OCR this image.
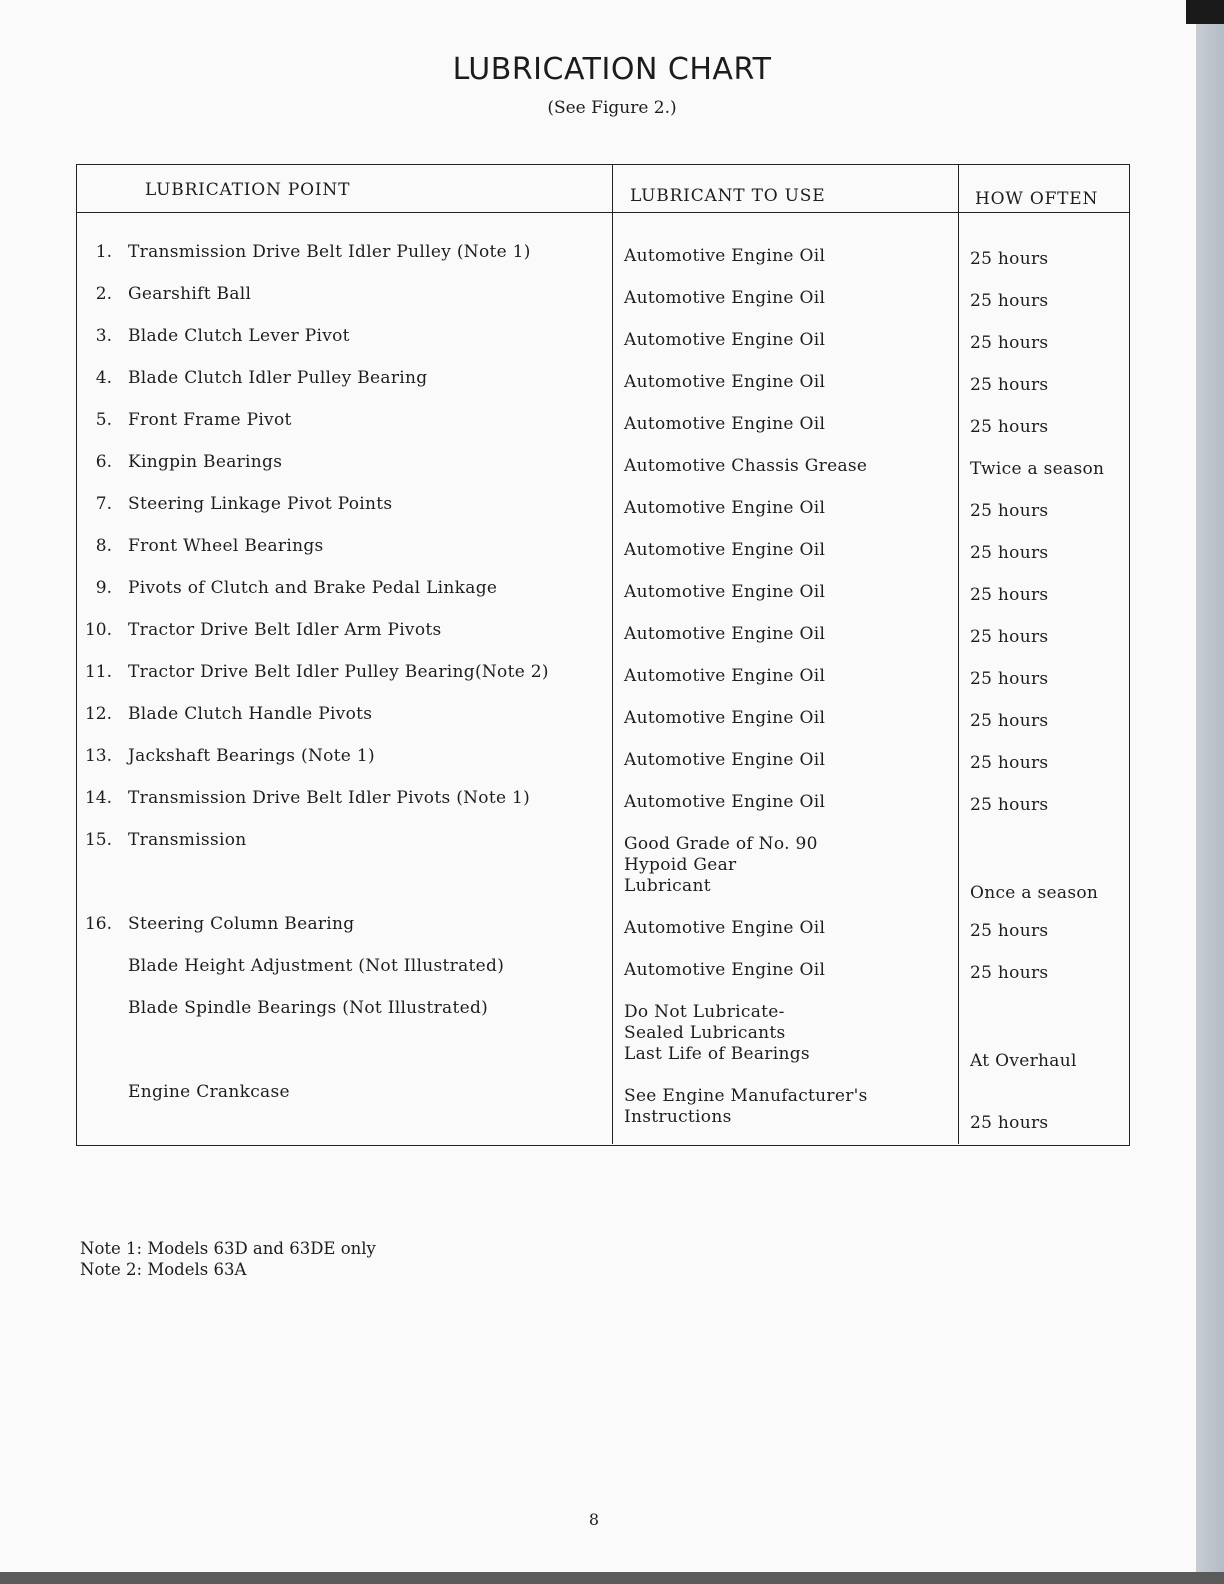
LUBRICATION CHART
(See Figure 2.)
LUBRICATION POINT	LUBRICANT TO USE	HOW OFTEN
1. Transmission Drive Belt Idler Pulley (Note 1)	Automotive Engine Oil	25 hours
2. Gearshift Ball	Automotive Engine Oil	25 hours
3. Blade Clutch Lever Pivot	Automotive Engine Oil	25 hours
4. Blade Clutch Idler Pulley Bearing	Automotive Engine Oil	25 hours
5. Front Frame Pivot	Automotive Engine Oil	25 hours
6. Kingpin Bearings	Automotive Chassis Grease	Twice a season
7. Steering Linkage Pivot Points	Automotive Engine Oil	25 hours
8. Front Wheel Bearings	Automotive Engine Oil	25 hours
9. Pivots of Clutch and Brake Pedal Linkage	Automotive Engine Oil	25 hours
10. Tractor Drive Belt Idler Arm Pivots	Automotive Engine Oil	25 hours
11. Tractor Drive Belt Idler Pulley Bearing(Note 2)	Automotive Engine Oil	25 hours
12. Blade Clutch Handle Pivots	Automotive Engine Oil	25 hours
13. Jackshaft Bearings (Note 1)	Automotive Engine Oil	25 hours
14. Transmission Drive Belt Idler Pivots (Note 1)	Automotive Engine Oil	25 hours
15. Transmission	Good Grade of No. 90
Hypoid Gear
Lubricant	Once a season
16. Steering Column Bearing	Automotive Engine Oil	25 hours
Blade Height Adjustment (Not Illustrated)	Automotive Engine Oil	25 hours
Blade Spindle Bearings (Not Illustrated)	Do Not Lubricate-
Sealed Lubricants
Last Life of Bearings	At Overhaul
Engine Crankcase	See Engine Manufacturer's
Instructions	25 hours
Note 1: Models 63D and 63DE only
Note 2: Models 63A
8
